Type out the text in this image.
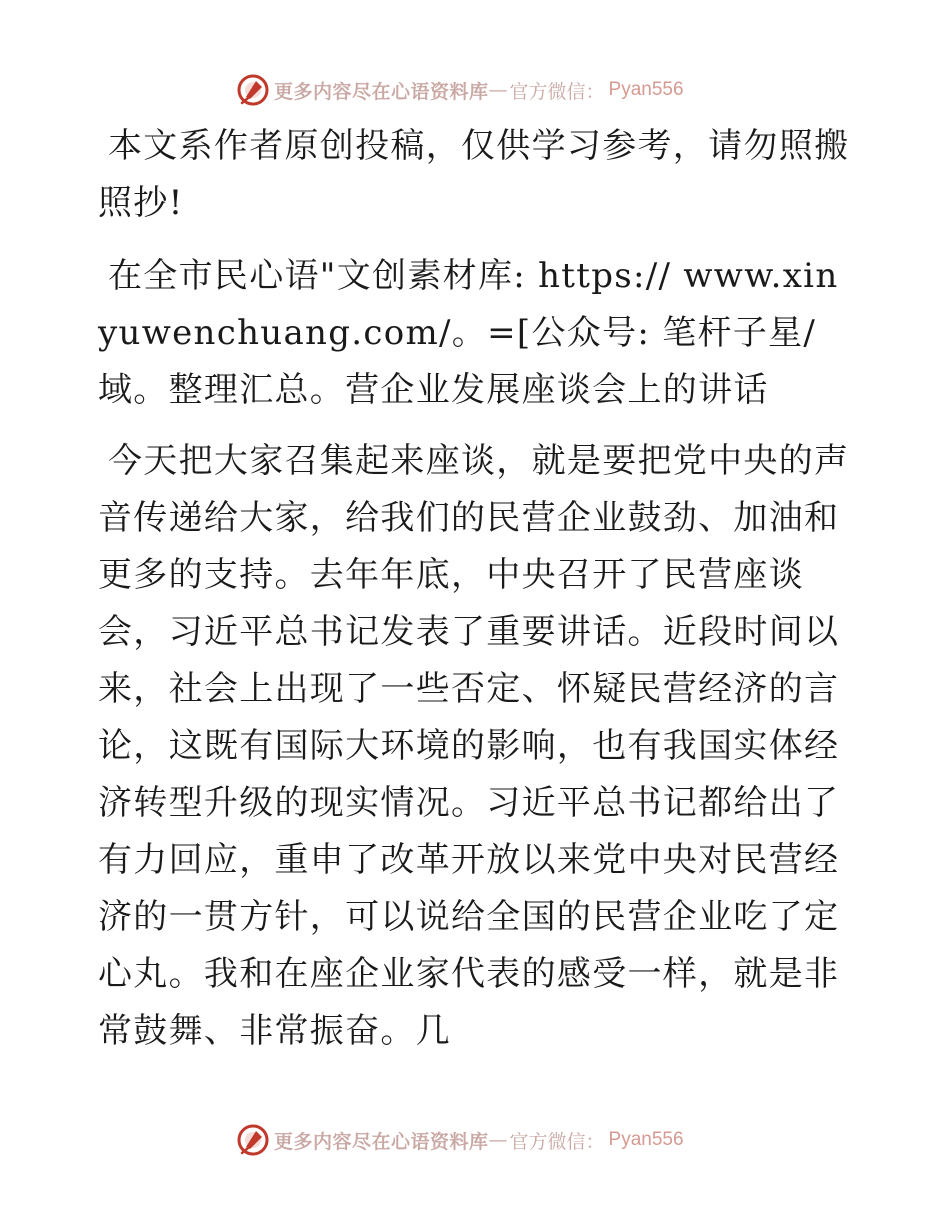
更多内容尽在心语资料库 — 官方微信： Pyan556

本文系作者原创投稿，仅供学习参考，请勿照搬照抄!

在全市民心语"文创素材库: https:// www.xinyuwenchuang.com/。=[公众号: 笔杆子星/域。整理汇总。营企业发展座谈会上的讲话

今天把大家召集起来座谈，就是要把党中央的声音传递给大家，给我们的民营企业鼓劲、加油和更多的支持。去年年底，中央召开了民营座谈会，习近平总书记发表了重要讲话。近段时间以来，社会上出现了一些否定、怀疑民营经济的言论，这既有国际大环境的影响，也有我国实体经济转型升级的现实情况。习近平总书记都给出了有力回应，重申了改革开放以来党中央对民营经济的一贯方针，可以说给全国的民营企业吃了定心丸。我和在座企业家代表的感受一样，就是非常鼓舞、非常振奋。几

更多内容尽在心语资料库 — 官方微信： Pyan556
